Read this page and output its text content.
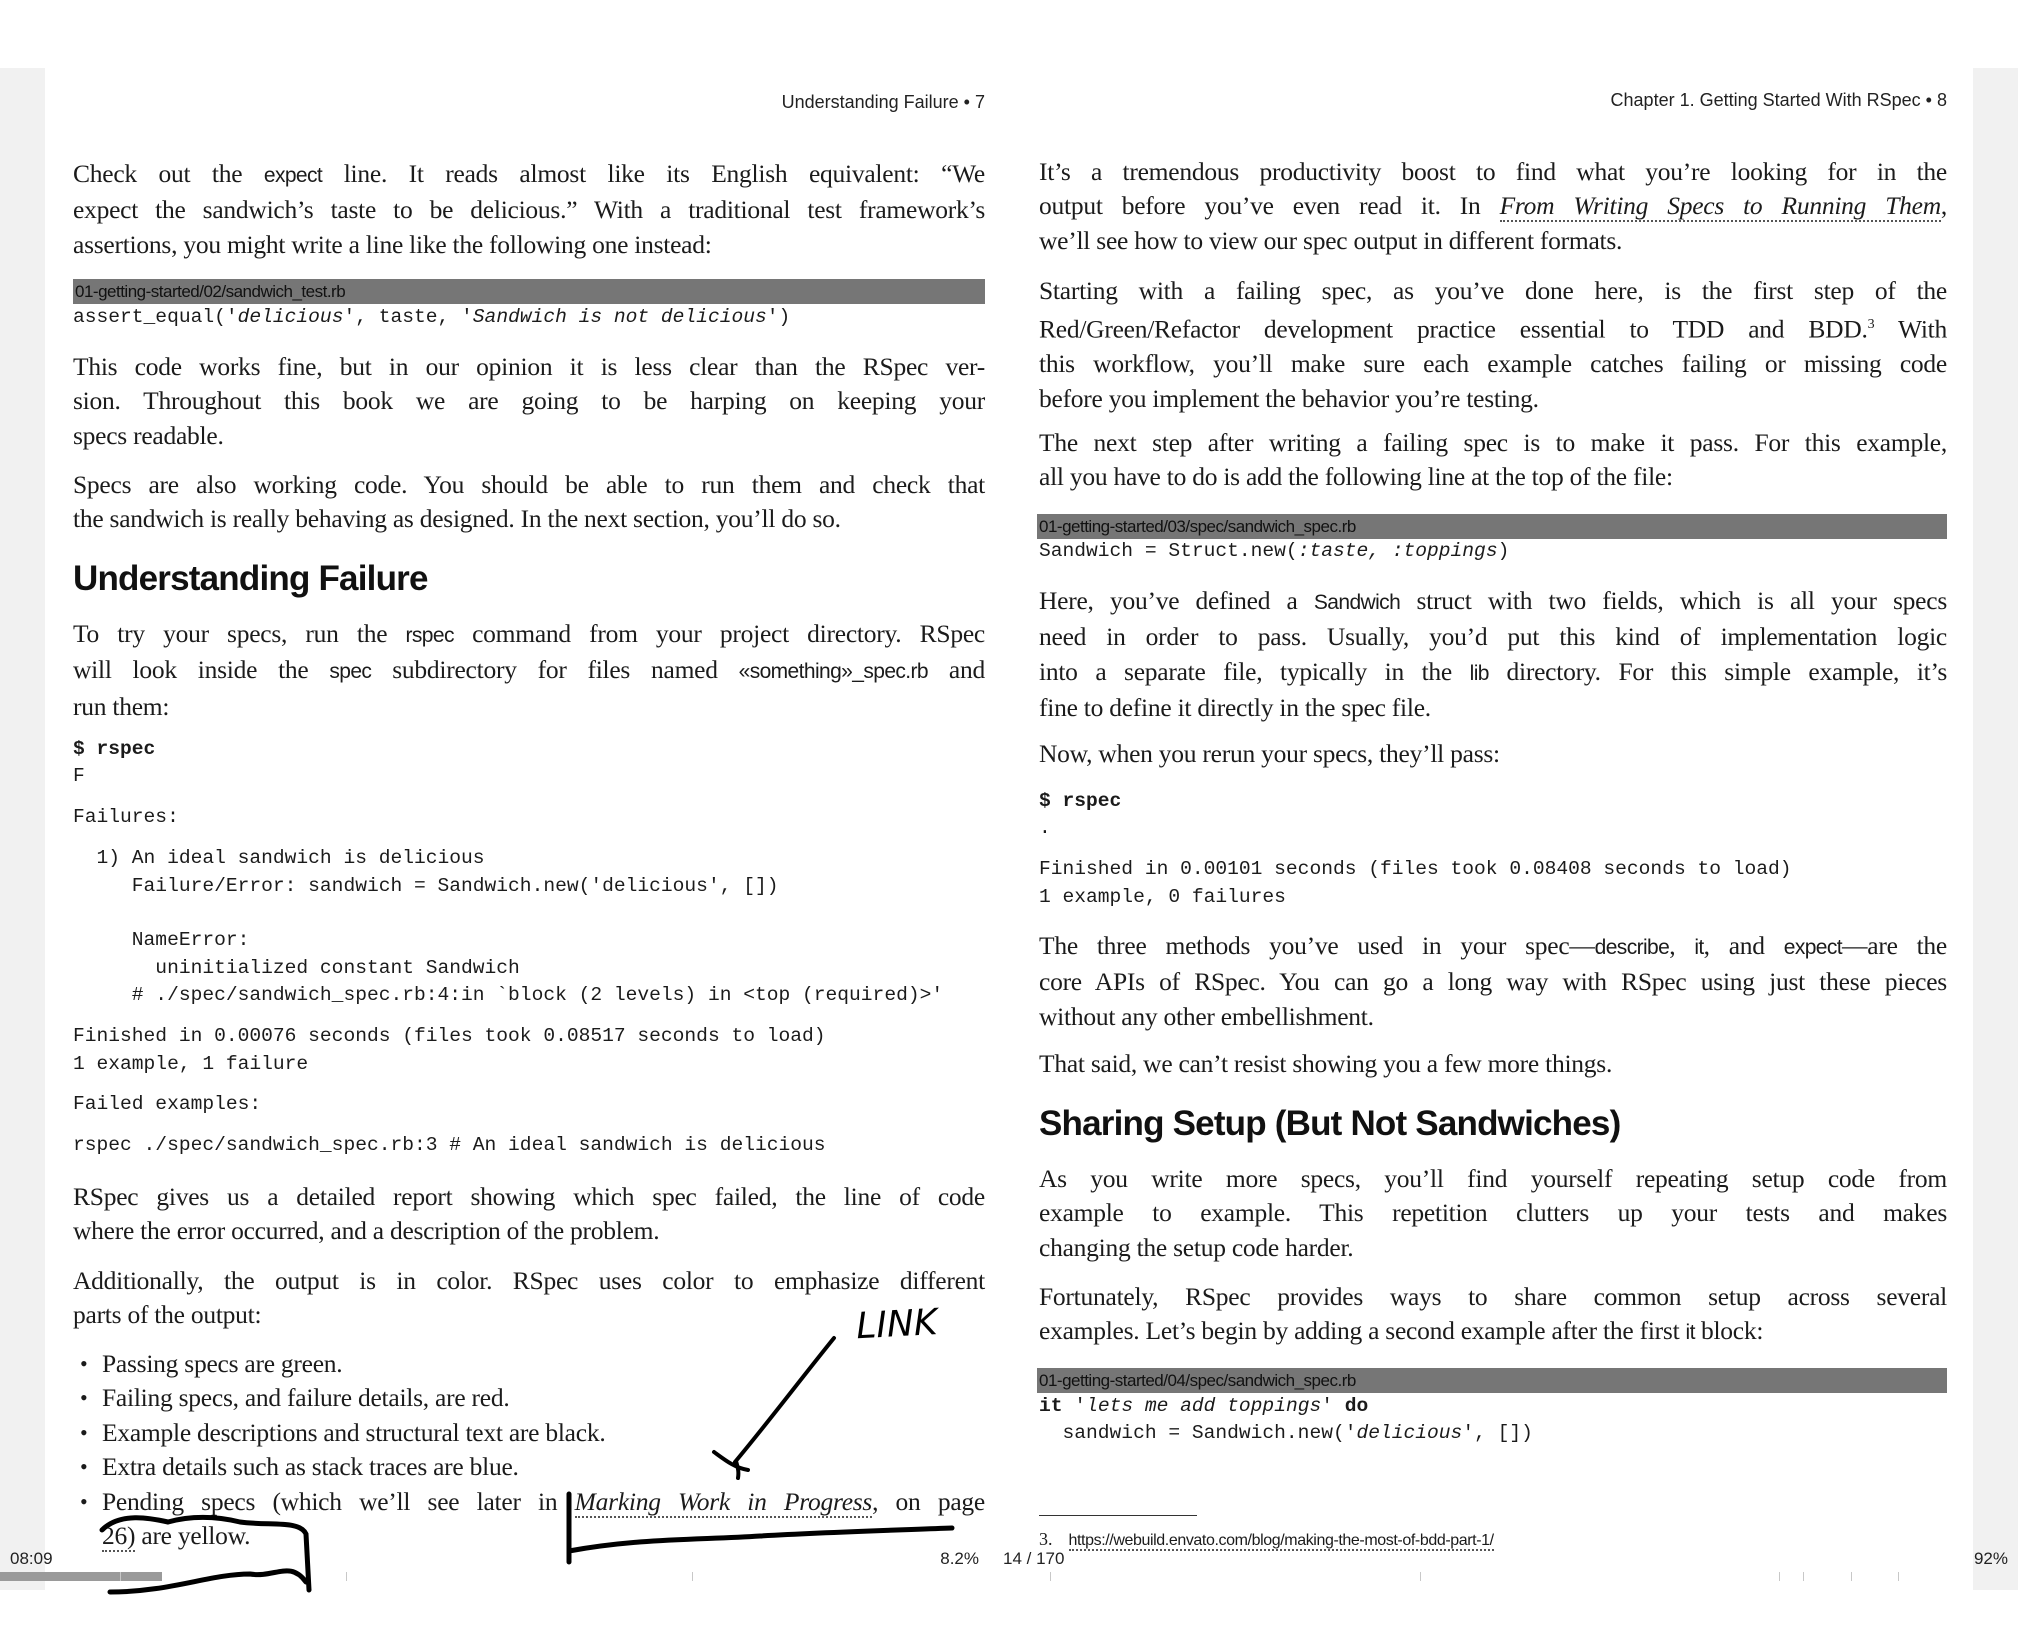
Understanding Failure • 7
Check out the expect line. It reads almost like its English equivalent: “We
expect the sandwich’s taste to be delicious.” With a traditional test framework’s
assertions, you might write a line like the following one instead:
01-getting-started/02/sandwich_test.rb
assert_equal('delicious', taste, 'Sandwich is not delicious')
This code works fine, but in our opinion it is less clear than the RSpec ver-
sion. Throughout this book we are going to be harping on keeping your
specs readable.
Specs are also working code. You should be able to run them and check that
the sandwich is really behaving as designed. In the next section, you’ll do so.
Understanding Failure
To try your specs, run the rspec command from your project directory. RSpec
will look inside the spec subdirectory for files named «something»_spec.rb and
run them:
$ rspec
F
Failures:
1) An ideal sandwich is delicious
Failure/Error: sandwich = Sandwich.new('delicious', [])

NameError:
uninitialized constant Sandwich
# ./spec/sandwich_spec.rb:4:in `block (2 levels) in <top (required)>'
Finished in 0.00076 seconds (files took 0.08517 seconds to load)
1 example, 1 failure
Failed examples:
rspec ./spec/sandwich_spec.rb:3 # An ideal sandwich is delicious
RSpec gives us a detailed report showing which spec failed, the line of code
where the error occurred, and a description of the problem.
Additionally, the output is in color. RSpec uses color to emphasize different
parts of the output:
• Passing specs are green.
• Failing specs, and failure details, are red.
• Example descriptions and structural text are black.
• Extra details such as stack traces are blue.
• Pending specs (which we’ll see later in Marking Work in Progress, on page
26) are yellow.
Chapter 1. Getting Started With RSpec • 8
It’s a tremendous productivity boost to find what you’re looking for in the
output before you’ve even read it. In From Writing Specs to Running Them,
we’ll see how to view our spec output in different formats.
Starting with a failing spec, as you’ve done here, is the first step of the
Red/Green/Refactor development practice essential to TDD and BDD.$^3$ With
this workflow, you’ll make sure each example catches failing or missing code
before you implement the behavior you’re testing.
The next step after writing a failing spec is to make it pass. For this example,
all you have to do is add the following line at the top of the file:
01-getting-started/03/spec/sandwich_spec.rb
Sandwich = Struct.new(:taste, :toppings)
Here, you’ve defined a Sandwich struct with two fields, which is all your specs
need in order to pass. Usually, you’d put this kind of implementation logic
into a separate file, typically in the lib directory. For this simple example, it’s
fine to define it directly in the spec file.
Now, when you rerun your specs, they’ll pass:
$ rspec
.
Finished in 0.00101 seconds (files took 0.08408 seconds to load)
1 example, 0 failures
The three methods you’ve used in your spec—describe, it, and expect—are the
core APIs of RSpec. You can go a long way with RSpec using just these pieces
without any other embellishment.
That said, we can’t resist showing you a few more things.
Sharing Setup (But Not Sandwiches)
As you write more specs, you’ll find yourself repeating setup code from
example to example. This repetition clutters up your tests and makes
changing the setup code harder.
Fortunately, RSpec provides ways to share common setup across several
examples. Let’s begin by adding a second example after the first it block:
01-getting-started/04/spec/sandwich_spec.rb
it 'lets me add toppings' do
sandwich = Sandwich.new('delicious', [])
3. https://webuild.envato.com/blog/making-the-most-of-bdd-part-1/
LINK
08:09	8.2% 14 / 170	92%
